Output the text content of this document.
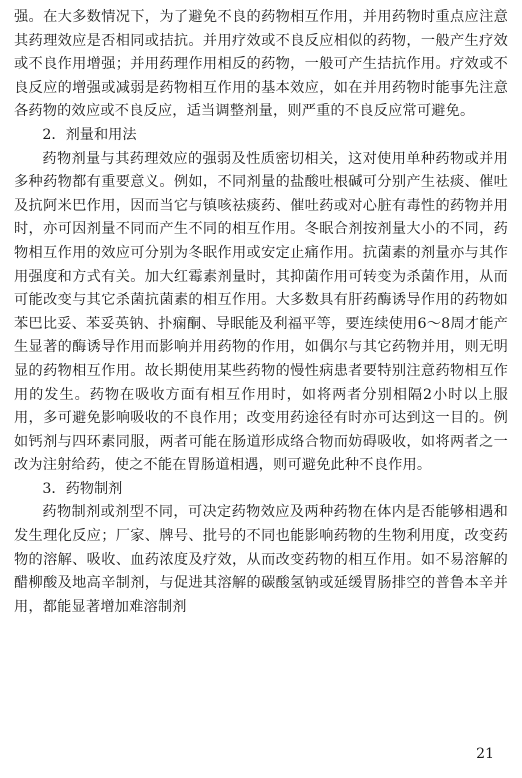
强。在大多数情况下，为了避免不良的药物相互作用，并用药物时重点应注意其药理效应是否相同或拮抗。并用疗效或不良反应相似的药物，一般产生疗效或不良作用增强；并用药理作用相反的药物，一般可产生拮抗作用。疗效或不良反应的增强或减弱是药物相互作用的基本效应，如在并用药物时能事先注意各药物的效应或不良反应，适当调整剂量，则严重的不良反应常可避免。

2．剂量和用法

药物剂量与其药理效应的强弱及性质密切相关，这对使用单种药物或并用多种药物都有重要意义。例如，不同剂量的盐酸吐根碱可分别产生祛痰、催吐及抗阿米巴作用，因而当它与镇咳祛痰药、催吐药或对心脏有毒性的药物并用时，亦可因剂量不同而产生不同的相互作用。冬眠合剂按剂量大小的不同，药物相互作用的效应可分别为冬眠作用或安定止痛作用。抗菌素的剂量亦与其作用强度和方式有关。加大红霉素剂量时，其抑菌作用可转变为杀菌作用，从而可能改变与其它杀菌抗菌素的相互作用。大多数具有肝药酶诱导作用的药物如苯巴比妥、苯妥英钠、扑痫酮、导眠能及利福平等，要连续使用6～8周才能产生显著的酶诱导作用而影响并用药物的作用，如偶尔与其它药物并用，则无明显的药物相互作用。故长期使用某些药物的慢性病患者要特别注意药物相互作用的发生。药物在吸收方面有相互作用时，如将两者分别相隔2小时以上服用，多可避免影响吸收的不良作用；改变用药途径有时亦可达到这一目的。例如钙剂与四环素同服，两者可能在肠道形成络合物而妨碍吸收，如将两者之一改为注射给药，使之不能在胃肠道相遇，则可避免此种不良作用。

3．药物制剂

药物制剂或剂型不同，可决定药物效应及两种药物在体内是否能够相遇和发生理化反应；厂家、牌号、批号的不同也能影响药物的生物利用度，改变药物的溶解、吸收、血药浓度及疗效，从而改变药物的相互作用。如不易溶解的醋柳酸及地高辛制剂，与促进其溶解的碳酸氢钠或延缓胃肠排空的普鲁本辛并用，都能显著增加难溶制剂

21
